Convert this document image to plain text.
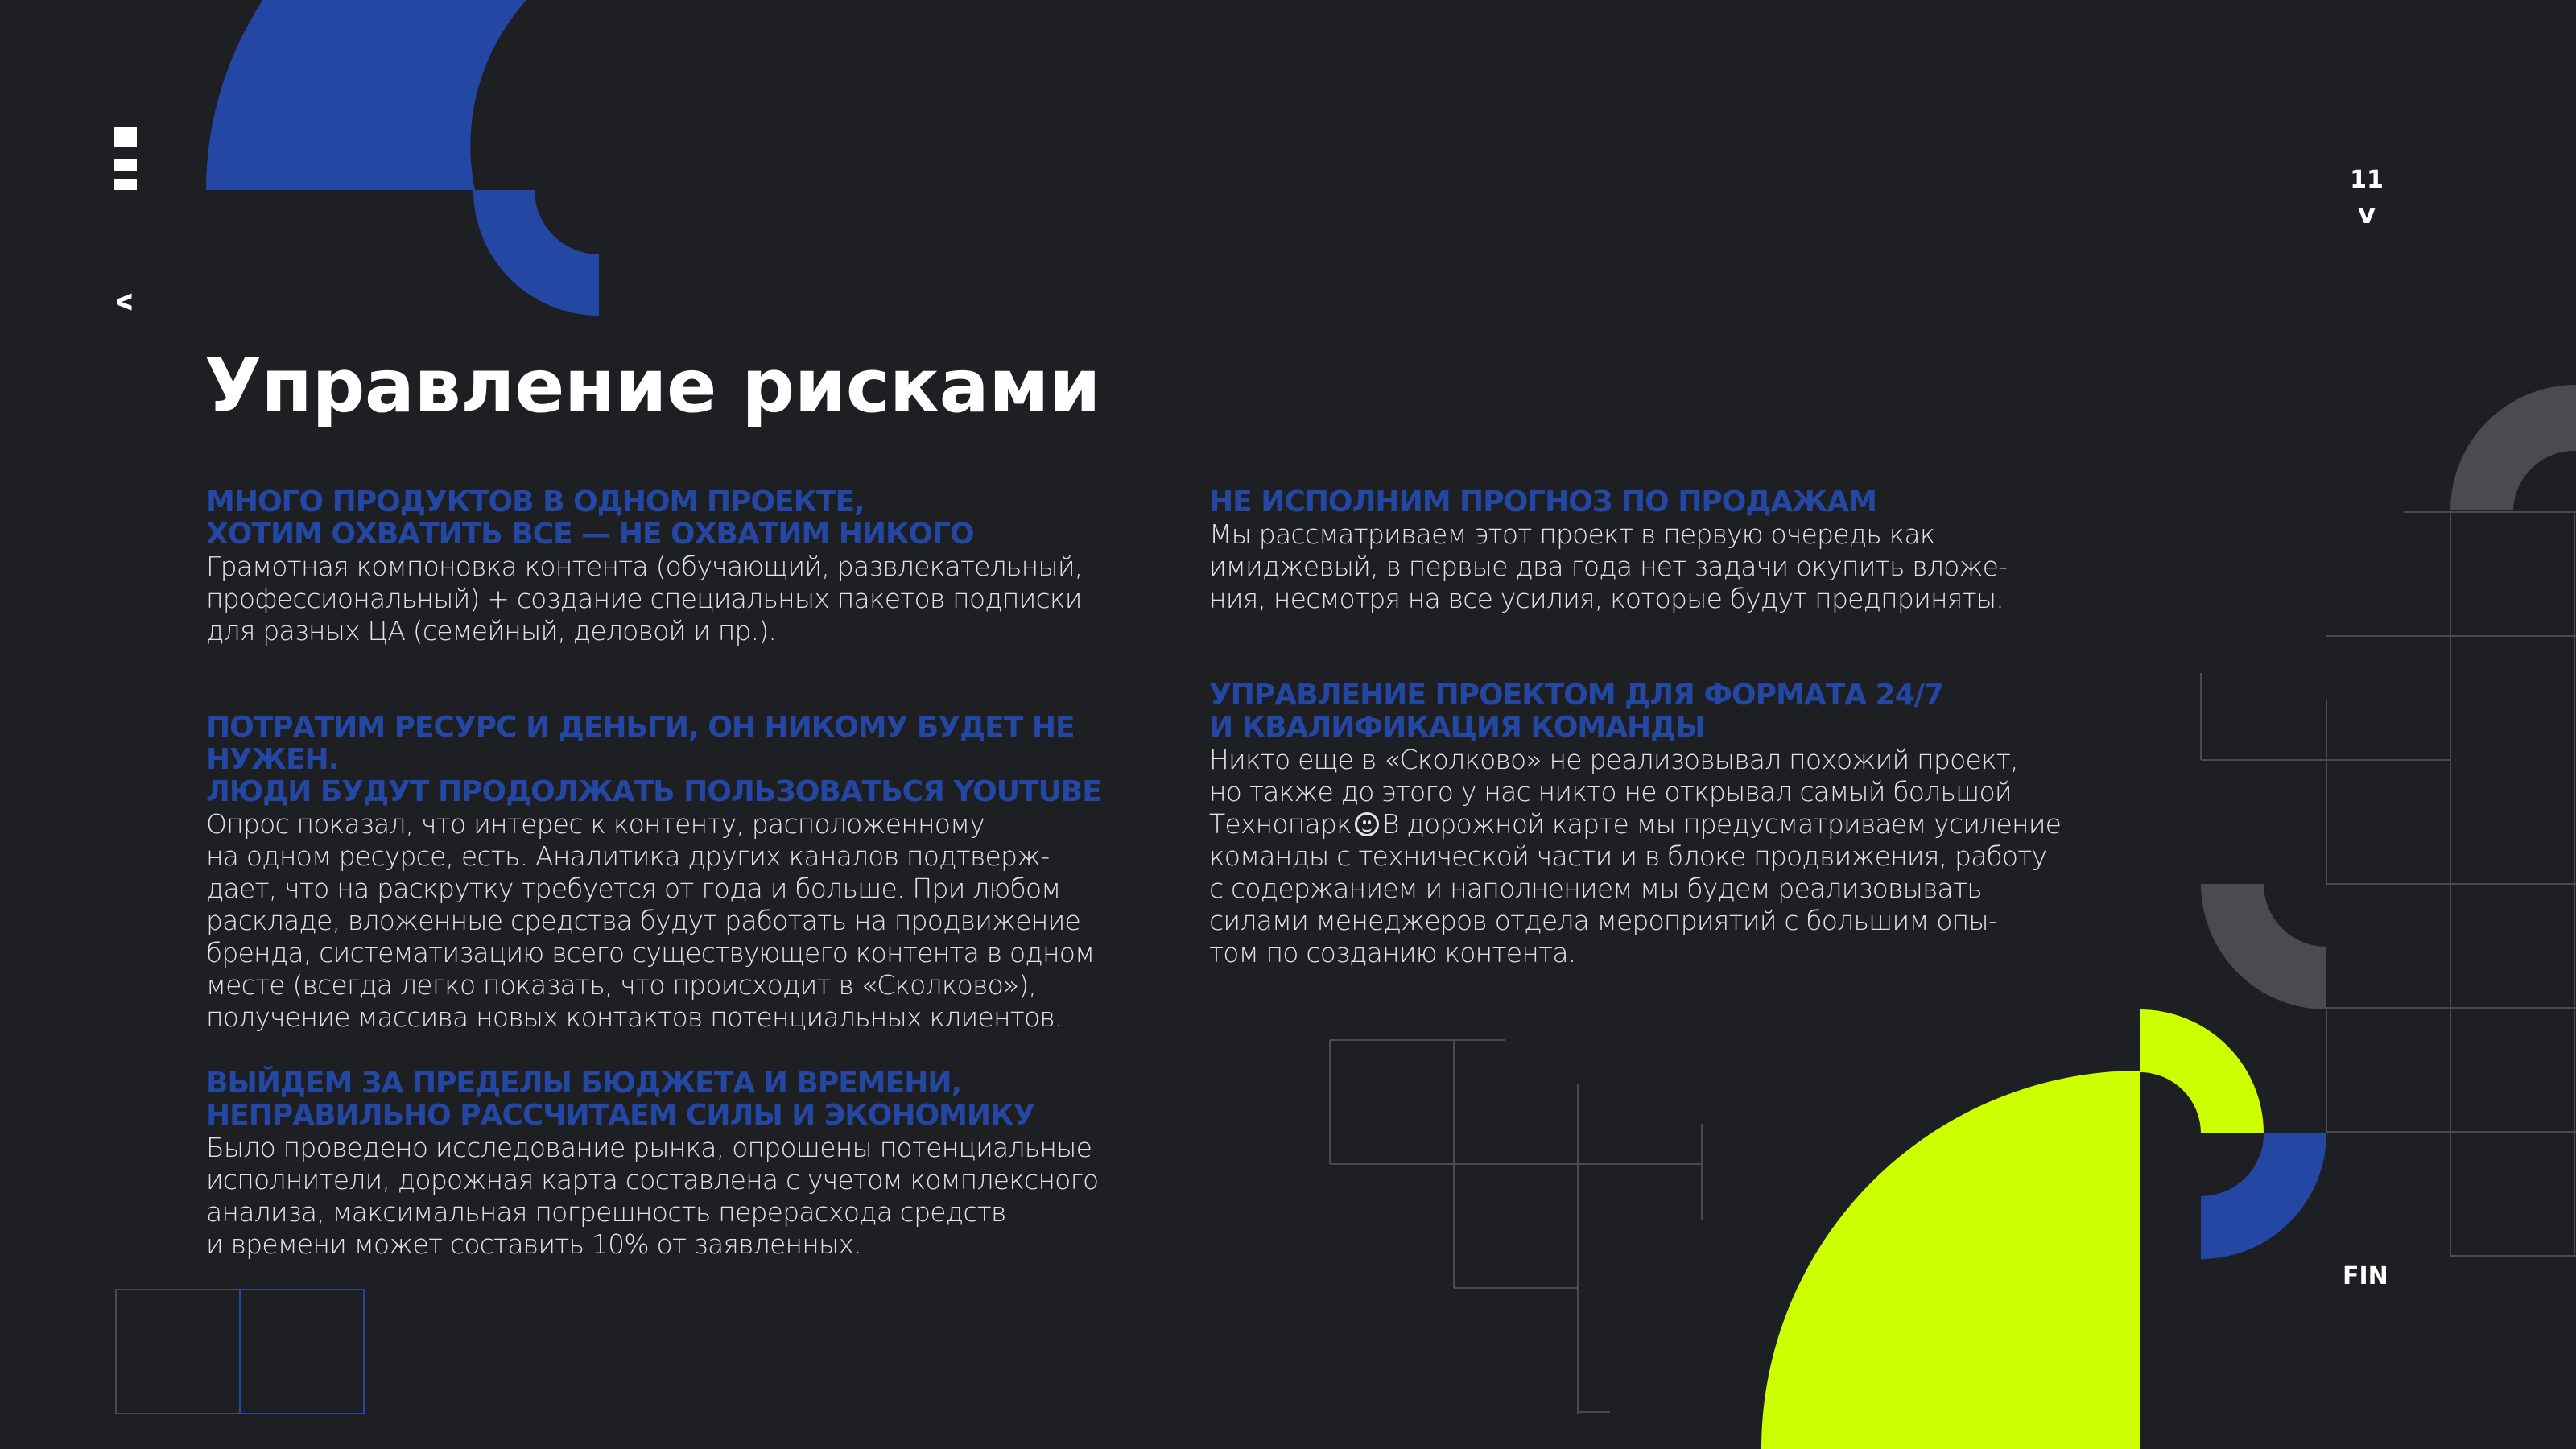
v
11
v
Управление рисками
МНОГО ПРОДУКТОВ В ОДНОМ ПРОЕКТЕ,
ХОТИМ ОХВАТИТЬ ВСЕ — НЕ ОХВАТИМ НИКОГО

Грамотная компоновка контента (обучающий, развлекательный,
профессиональный) + создание специальных пакетов подписки
для разных ЦА (семейный, деловой и пр.).

ПОТРАТИМ РЕСУРС И ДЕНЬГИ, ОН НИКОМУ БУДЕТ НЕ НУЖЕН.
ЛЮДИ БУДУТ ПРОДОЛЖАТЬ ПОЛЬЗОВАТЬСЯ YOUTUBE

Опрос показал, что интерес к контенту, расположенному
на одном ресурсе, есть. Аналитика других каналов подтверж-
дает, что на раскрутку требуется от года и больше. При любом
раскладе, вложенные средства будут работать на продвижение
бренда, систематизацию всего существующего контента в одном
месте (всегда легко показать, что происходит в «Сколково»),
получение массива новых контактов потенциальных клиентов.

ВЫЙДЕМ ЗА ПРЕДЕЛЫ БЮДЖЕТА И ВРЕМЕНИ,
НЕПРАВИЛЬНО РАССЧИТАЕМ СИЛЫ И ЭКОНОМИКУ

Было проведено исследование рынка, опрошены потенциальные
исполнители, дорожная карта составлена с учетом комплексного
анализа, максимальная погрешность перерасхода средств
и времени может составить 10% от заявленных.

НЕ ИСПОЛНИМ ПРОГНОЗ ПО ПРОДАЖАМ

Мы рассматриваем этот проект в первую очередь как
имиджевый, в первые два года нет задачи окупить вложе-
ния, несмотря на все усилия, которые будут предприняты.

УПРАВЛЕНИЕ ПРОЕКТОМ ДЛЯ ФОРМАТА 24/7
И КВАЛИФИКАЦИЯ КОМАНДЫ

Никто еще в «Сколково» не реализовывал похожий проект,
но также до этого у нас никто не открывал самый большой
Технопарк В дорожной карте мы предусматриваем усиление
команды с технической части и в блоке продвижения, работу
с содержанием и наполнением мы будем реализовывать
силами менеджеров отдела мероприятий с большим опы-
том по созданию контента.

FIN
